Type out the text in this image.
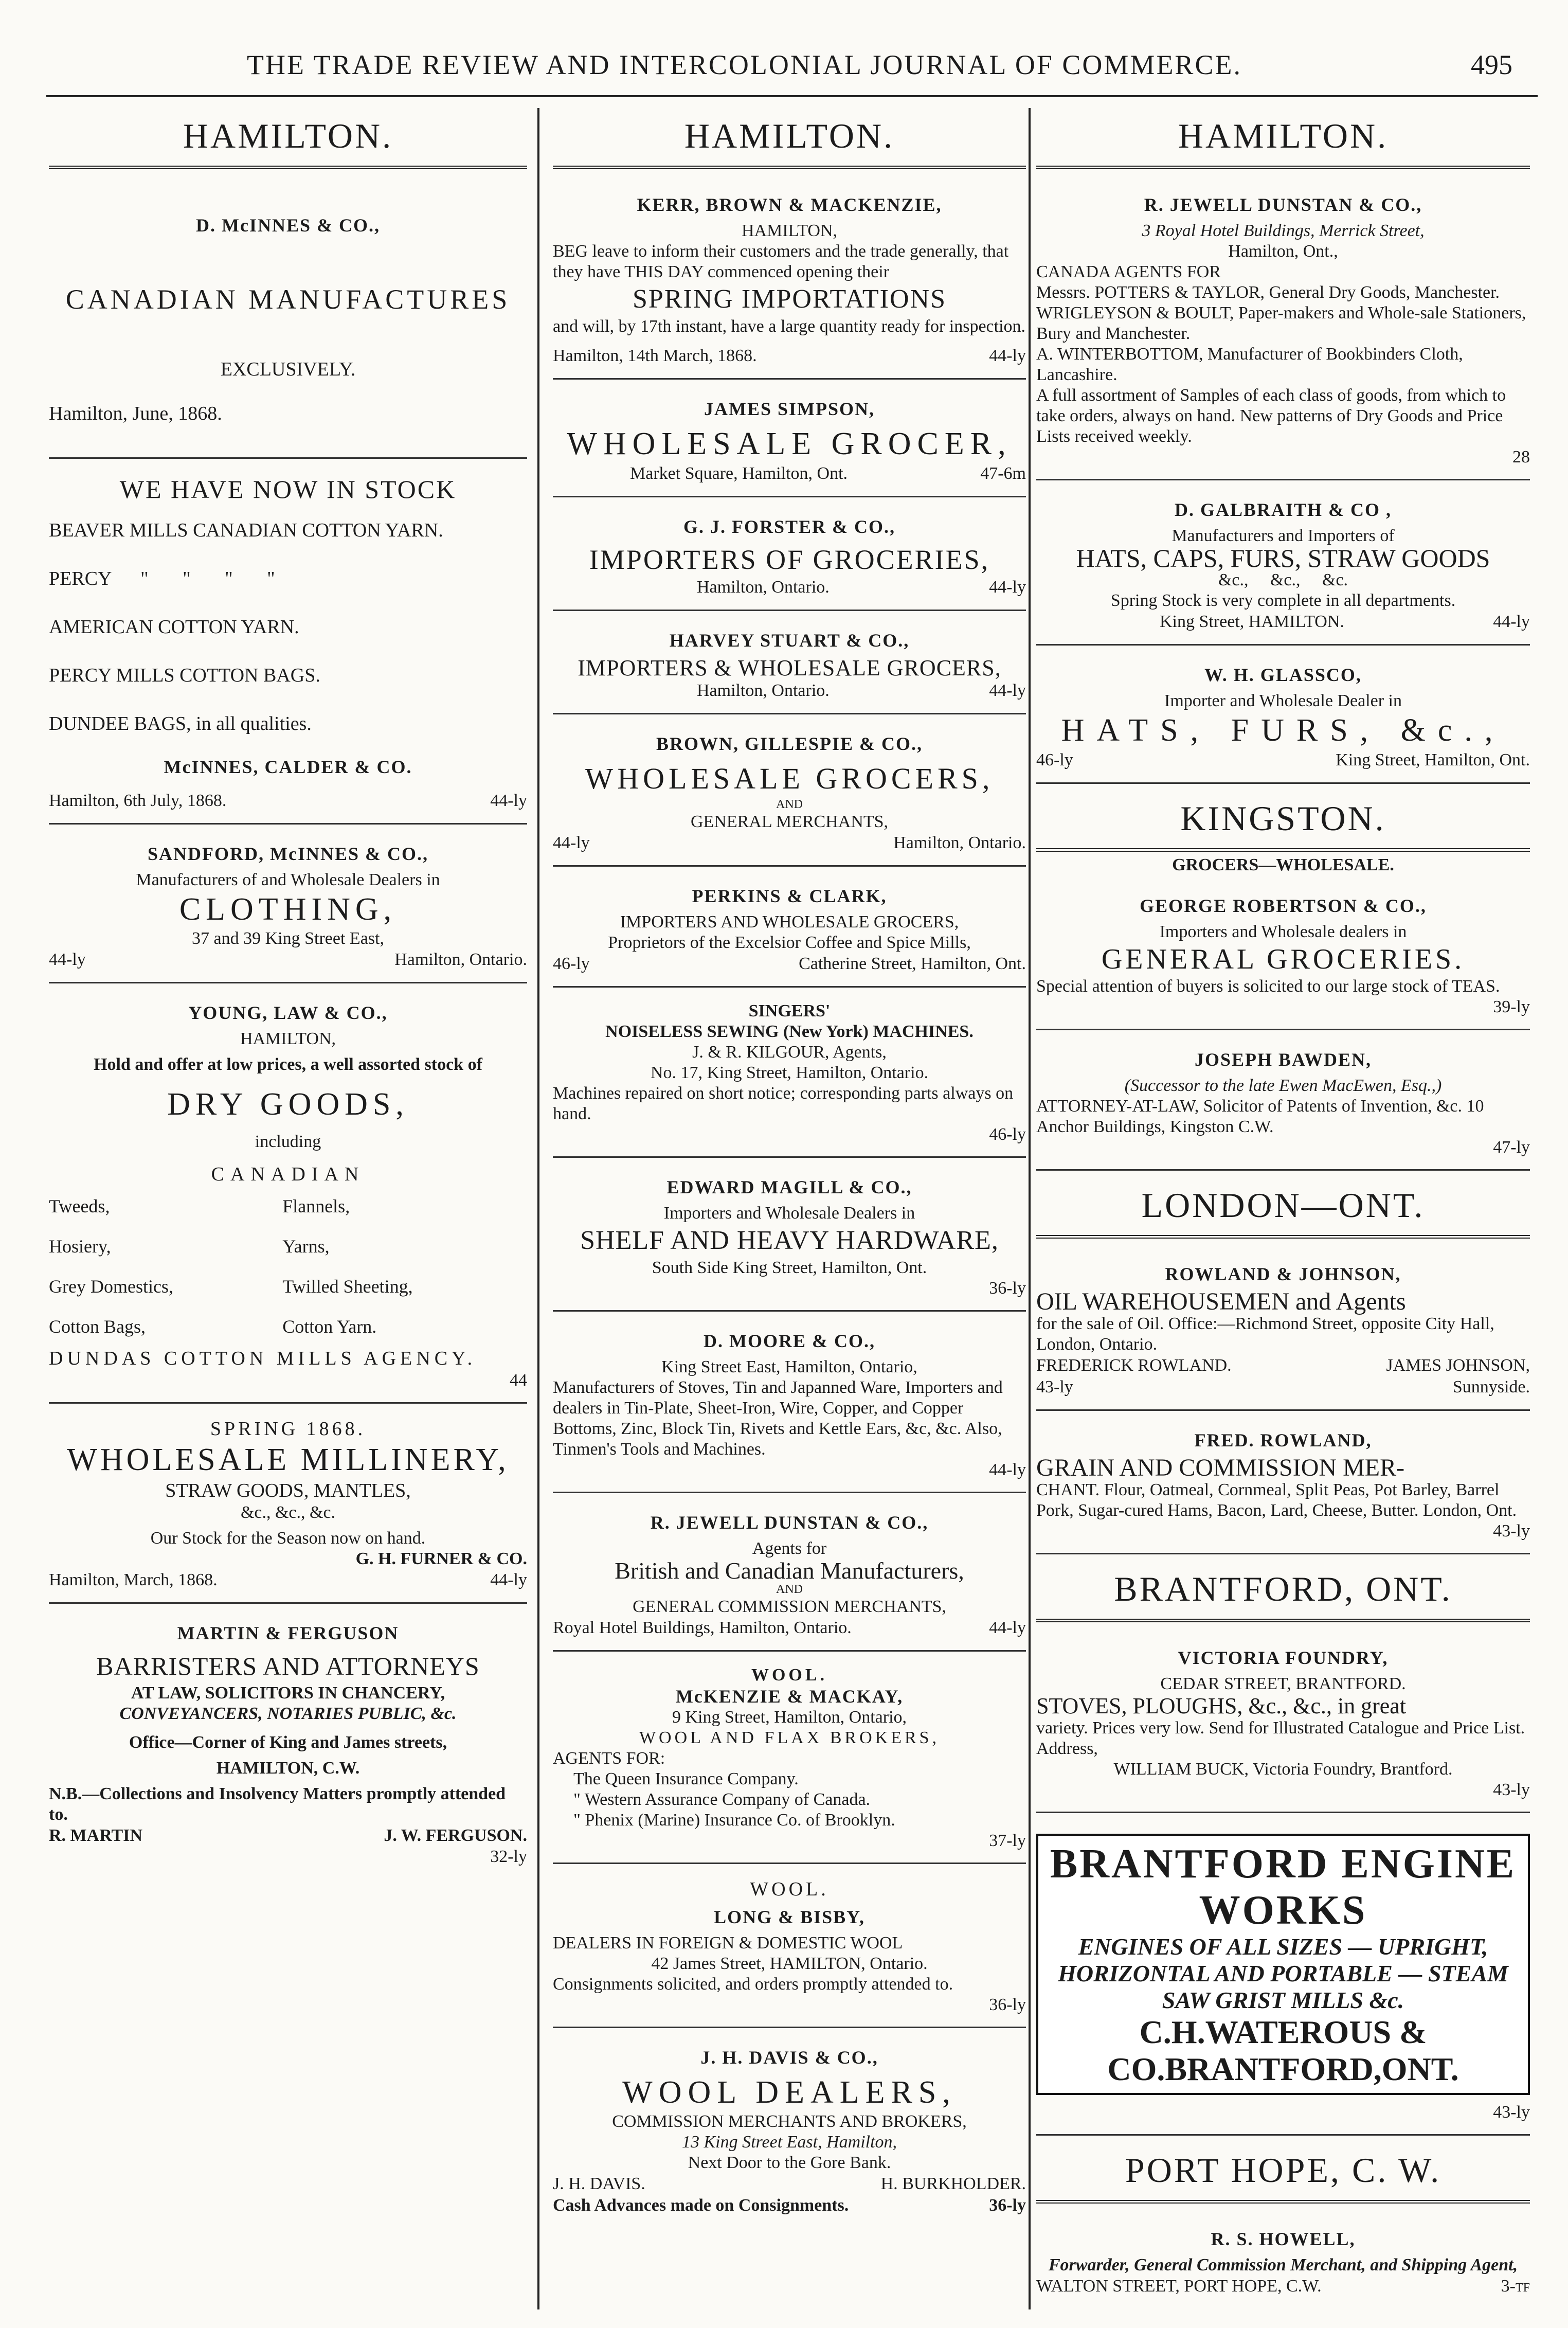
THE TRADE REVIEW AND INTERCOLONIAL JOURNAL OF COMMERCE.	495
HAMILTON.
D. McINNES & CO.,
CANADIAN MANUFACTURES
EXCLUSIVELY.
Hamilton, June, 1868.
WE HAVE NOW IN STOCK
BEAVER MILLS CANADIAN COTTON YARN.
PERCY      "       "       "       "
AMERICAN COTTON YARN.
PERCY MILLS COTTON BAGS.
DUNDEE BAGS, in all qualities.
McINNES, CALDER & CO.
Hamilton, 6th July, 1868.	44-ly
SANDFORD, McINNES & CO.,
Manufacturers of and Wholesale Dealers in
CLOTHING,
37 and 39 King Street East,
44-ly	Hamilton, Ontario.
YOUNG, LAW & CO.,
HAMILTON,
Hold and offer at low prices, a well assorted stock of
DRY GOODS,
including
CANADIAN
Tweeds,	Flannels,
Hosiery,	Yarns,
Grey Domestics,	Twilled Sheeting,
Cotton Bags,	Cotton Yarn.
DUNDAS COTTON MILLS AGENCY.
44
SPRING 1868.
WHOLESALE MILLINERY,
STRAW GOODS, MANTLES,
&c., &c., &c.
Our Stock for the Season now on hand.
G. H. FURNER & CO.
Hamilton, March, 1868.	44-ly
MARTIN & FERGUSON
BARRISTERS AND ATTORNEYS
AT LAW, SOLICITORS IN CHANCERY,
CONVEYANCERS, NOTARIES PUBLIC, &c.
Office—Corner of King and James streets,
HAMILTON, C.W.
N.B.—Collections and Insolvency Matters promptly attended to.
R. MARTIN	J. W. FERGUSON.
32-ly
HAMILTON.
KERR, BROWN & MACKENZIE,
HAMILTON,
BEG leave to inform their customers and the trade generally, that they have THIS DAY commenced opening their
SPRING IMPORTATIONS
and will, by 17th instant, have a large quantity ready for inspection.
Hamilton, 14th March, 1868.	44-ly
JAMES SIMPSON,
WHOLESALE GROCER,
Market Square, Hamilton, Ont.	47-6m
G. J. FORSTER & CO.,
IMPORTERS OF GROCERIES,
Hamilton, Ontario.	44-ly
HARVEY STUART & CO.,
IMPORTERS & WHOLESALE GROCERS,
Hamilton, Ontario.	44-ly
BROWN, GILLESPIE & CO.,
WHOLESALE GROCERS,
AND
GENERAL MERCHANTS,
44-ly	Hamilton, Ontario.
PERKINS & CLARK,
IMPORTERS AND WHOLESALE GROCERS,
Proprietors of the Excelsior Coffee and Spice Mills,
46-ly	Catherine Street, Hamilton, Ont.
SINGERS'
NOISELESS SEWING (New York) MACHINES.
J. & R. KILGOUR, Agents,
No. 17, King Street, Hamilton, Ontario.
Machines repaired on short notice; corresponding parts always on hand.
46-ly
EDWARD MAGILL & CO.,
Importers and Wholesale Dealers in
SHELF AND HEAVY HARDWARE,
South Side King Street, Hamilton, Ont.
36-ly
D. MOORE & CO.,
King Street East, Hamilton, Ontario,
Manufacturers of Stoves, Tin and Japanned Ware, Importers and dealers in Tin-Plate, Sheet-Iron, Wire, Copper, and Copper Bottoms, Zinc, Block Tin, Rivets and Kettle Ears, &c, &c. Also, Tinmen's Tools and Machines.
44-ly
R. JEWELL DUNSTAN & CO.,
Agents for
British and Canadian Manufacturers,
AND
GENERAL COMMISSION MERCHANTS,
Royal Hotel Buildings, Hamilton, Ontario.	44-ly
WOOL.
McKENZIE & MACKAY,
9 King Street, Hamilton, Ontario,
WOOL AND FLAX BROKERS,
AGENTS FOR:
The Queen Insurance Company.
" Western Assurance Company of Canada.
" Phenix (Marine) Insurance Co. of Brooklyn.
37-ly
WOOL.
LONG & BISBY,
DEALERS IN FOREIGN & DOMESTIC WOOL
42 James Street, HAMILTON, Ontario.
Consignments solicited, and orders promptly attended to.
36-ly
J. H. DAVIS & CO.,
WOOL DEALERS,
COMMISSION MERCHANTS AND BROKERS,
13 King Street East, Hamilton,
Next Door to the Gore Bank.
J. H. DAVIS.	H. BURKHOLDER.
Cash Advances made on Consignments.	36-ly
HAMILTON.
R. JEWELL DUNSTAN & CO.,
3 Royal Hotel Buildings, Merrick Street,
Hamilton, Ont.,
CANADA AGENTS FOR
Messrs. POTTERS & TAYLOR, General Dry Goods, Manchester.
WRIGLEYSON & BOULT, Paper-makers and Whole-sale Stationers, Bury and Manchester.
A. WINTERBOTTOM, Manufacturer of Bookbinders Cloth, Lancashire.
A full assortment of Samples of each class of goods, from which to take orders, always on hand. New patterns of Dry Goods and Price Lists received weekly.
28
D. GALBRAITH & CO ,
Manufacturers and Importers of
HATS, CAPS, FURS, STRAW GOODS
&c.,     &c.,     &c.
Spring Stock is very complete in all departments.
King Street, HAMILTON.	44-ly
W. H. GLASSCO,
Importer and Wholesale Dealer in
HATS, FURS, &c.,
46-ly	King Street, Hamilton, Ont.
KINGSTON.
GROCERS—WHOLESALE.
GEORGE ROBERTSON & CO.,
Importers and Wholesale dealers in
GENERAL GROCERIES.
Special attention of buyers is solicited to our large stock of TEAS.
39-ly
JOSEPH BAWDEN,
(Successor to the late Ewen MacEwen, Esq.,)
ATTORNEY-AT-LAW, Solicitor of Patents of Invention, &c. 10 Anchor Buildings, Kingston C.W.
47-ly
LONDON—ONT.
ROWLAND & JOHNSON,
OIL WAREHOUSEMEN and Agents
for the sale of Oil. Office:—Richmond Street, opposite City Hall, London, Ontario.
FREDERICK ROWLAND.	JAMES JOHNSON,
43-ly	Sunnyside.
FRED. ROWLAND,
GRAIN AND COMMISSION MER-
CHANT. Flour, Oatmeal, Cornmeal, Split Peas, Pot Barley, Barrel Pork, Sugar-cured Hams, Bacon, Lard, Cheese, Butter. London, Ont.
43-ly
BRANTFORD, ONT.
VICTORIA FOUNDRY,
CEDAR STREET, BRANTFORD.
STOVES, PLOUGHS, &c., &c., in great
variety. Prices very low. Send for Illustrated Catalogue and Price List. Address,
WILLIAM BUCK, Victoria Foundry, Brantford.
43-ly
BRANTFORD ENGINE WORKS
ENGINES OF ALL SIZES — UPRIGHT, HORIZONTAL AND PORTABLE — STEAM SAW GRIST MILLS &c.
C.H.WATEROUS & CO.BRANTFORD,ONT.
43-ly
PORT HOPE, C. W.
R. S. HOWELL,
Forwarder, General Commission Merchant, and Shipping Agent,
WALTON STREET, PORT HOPE, C.W.	3-tf
